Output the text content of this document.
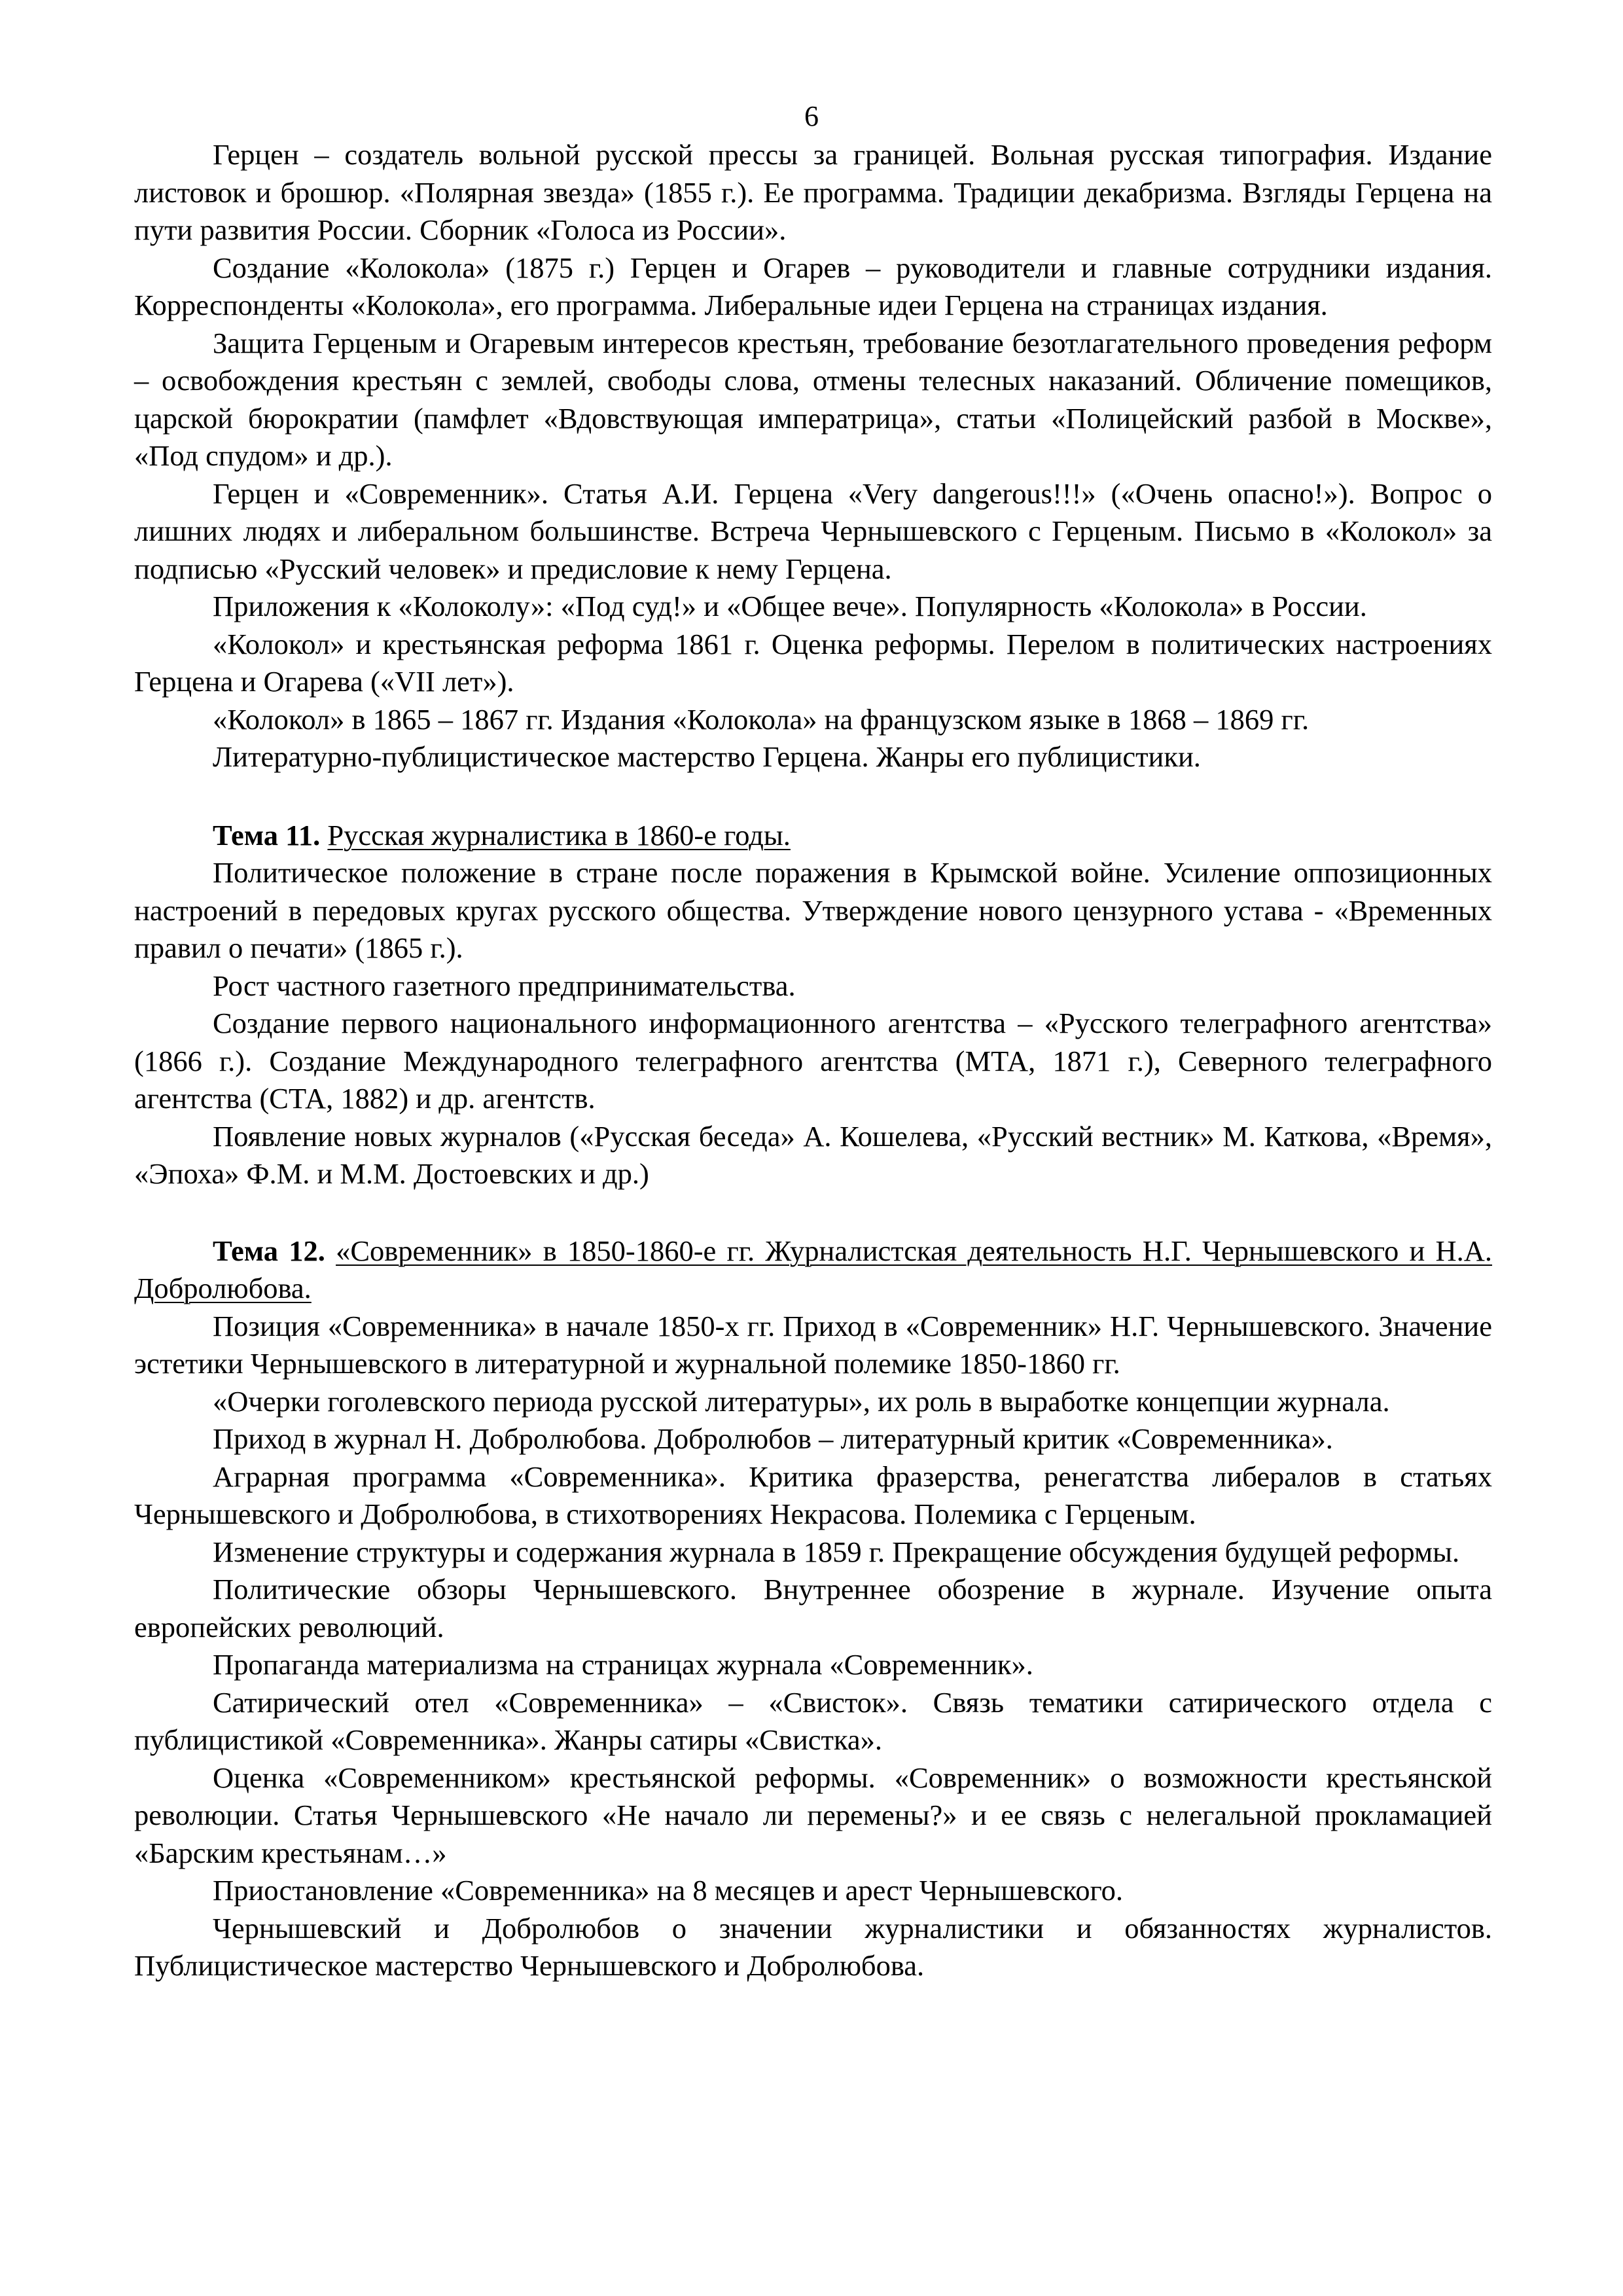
6

Герцен – создатель вольной русской прессы за границей. Вольная русская типография. Издание листовок и брошюр. «Полярная звезда» (1855 г.). Ее программа. Традиции декабризма. Взгляды Герцена на пути развития России. Сборник «Голоса из России».

Создание «Колокола» (1875 г.) Герцен и Огарев – руководители и главные сотрудники издания. Корреспонденты «Колокола», его программа. Либеральные идеи Герцена на страницах издания.

Защита Герценым и Огаревым интересов крестьян, требование безотлагательного проведения реформ – освобождения крестьян с землей, свободы слова, отмены телесных наказаний. Обличение помещиков, царской бюрократии (памфлет «Вдовствующая императрица», статьи «Полицейский разбой в Москве», «Под спудом» и др.).

Герцен и «Современник». Статья А.И. Герцена «Very dangerous!!!» («Очень опасно!»). Вопрос о лишних людях и либеральном большинстве. Встреча Чернышевского с Герценым. Письмо в «Колокол» за подписью «Русский человек» и предисловие к нему Герцена.

Приложения к «Колоколу»: «Под суд!» и «Общее вече». Популярность «Колокола» в России.

«Колокол» и крестьянская реформа 1861 г. Оценка реформы. Перелом в политических настроениях Герцена и Огарева («VII лет»).

«Колокол» в 1865 – 1867 гг. Издания «Колокола» на французском языке в 1868 – 1869 гг.

Литературно-публицистическое мастерство Герцена. Жанры его публицистики.

Тема 11. Русская журналистика в 1860-е годы.

Политическое положение в стране после поражения в Крымской войне. Усиление оппозиционных настроений в передовых кругах русского общества. Утверждение нового цензурного устава - «Временных правил о печати» (1865 г.).

Рост частного газетного предпринимательства.

Создание первого национального информационного агентства – «Русского телеграфного агентства» (1866 г.). Создание Международного телеграфного агентства (МТА, 1871 г.), Северного телеграфного агентства (СТА, 1882) и др. агентств.

Появление новых журналов («Русская беседа» А. Кошелева, «Русский вестник» М. Каткова, «Время», «Эпоха» Ф.М. и М.М. Достоевских и др.)

Тема 12. «Современник» в 1850-1860-е гг. Журналистская деятельность Н.Г. Чернышевского и Н.А. Добролюбова.

Позиция «Современника» в начале 1850-х гг. Приход в «Современник» Н.Г. Чернышевского. Значение эстетики Чернышевского в литературной и журнальной полемике 1850-1860 гг.

«Очерки гоголевского периода русской литературы», их роль в выработке концепции журнала.

Приход в журнал Н. Добролюбова. Добролюбов – литературный критик «Современника».

Аграрная программа «Современника». Критика фразерства, ренегатства либералов в статьях Чернышевского и Добролюбова, в стихотворениях Некрасова. Полемика с Герценым.

Изменение структуры и содержания журнала в 1859 г. Прекращение обсуждения будущей реформы.

Политические обзоры Чернышевского. Внутреннее обозрение в журнале. Изучение опыта европейских революций.

Пропаганда материализма на страницах журнала «Современник».

Сатирический отел «Современника» – «Свисток». Связь тематики сатирического отдела с публицистикой «Современника». Жанры сатиры «Свистка».

Оценка «Современником» крестьянской реформы. «Современник» о возможности крестьянской революции. Статья Чернышевского «Не начало ли перемены?» и ее связь с нелегальной прокламацией «Барским крестьянам…»

Приостановление «Современника» на 8 месяцев и арест Чернышевского.

Чернышевский и Добролюбов о значении журналистики и обязанностях журналистов. Публицистическое мастерство Чернышевского и Добролюбова.
